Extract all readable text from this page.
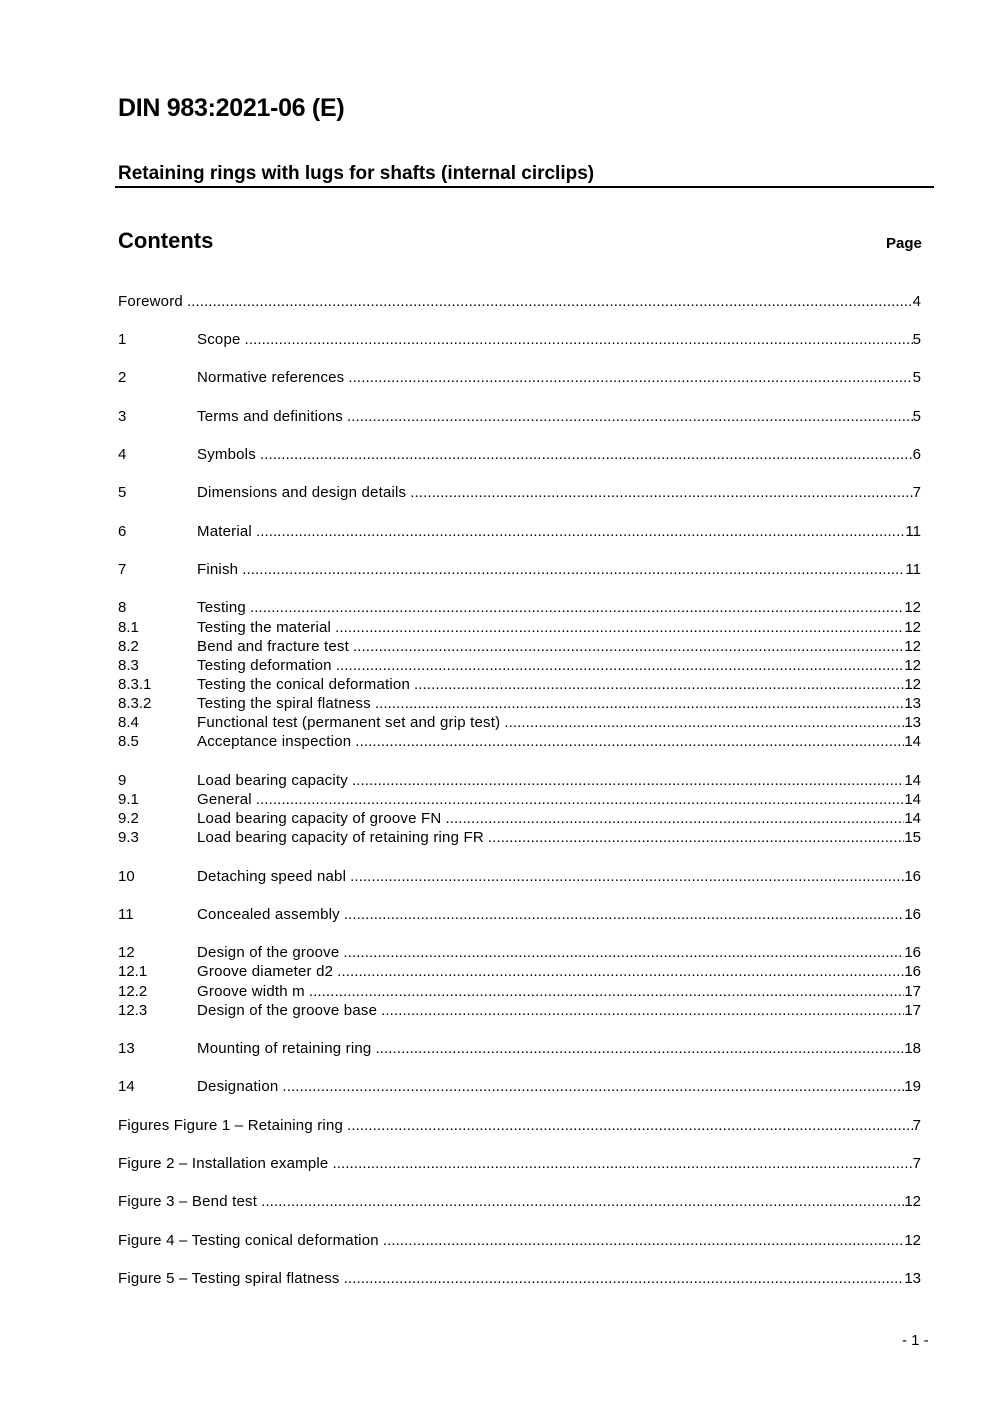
DIN 983:2021-06 (E)
Retaining rings with lugs for shafts (internal circlips)
Contents	Page
Foreword .....	4
1	Scope .....	5
2	Normative references .....	5
3	Terms and definitions .....	5
4	Symbols .....	6
5	Dimensions and design details .....	7
6	Material .....	11
7	Finish .....	11
8	Testing .....	12
8.1	Testing the material .....	12
8.2	Bend and fracture test .....	12
8.3	Testing deformation .....	12
8.3.1	Testing the conical deformation .....	12
8.3.2	Testing the spiral flatness .....	13
8.4	Functional test (permanent set and grip test) .....	13
8.5	Acceptance inspection .....	14
9	Load bearing capacity .....	14
9.1	General .....	14
9.2	Load bearing capacity of groove FN .....	14
9.3	Load bearing capacity of retaining ring FR .....	15
10	Detaching speed nabl .....	16
11	Concealed assembly .....	16
12	Design of the groove .....	16
12.1	Groove diameter d2 .....	16
12.2	Groove width m .....	17
12.3	Design of the groove base .....	17
13	Mounting of retaining ring .....	18
14	Designation .....	19
Figures Figure 1 – Retaining ring .....	7
Figure 2 – Installation example .....	7
Figure 3 – Bend test .....	12
Figure 4 – Testing conical deformation .....	12
Figure 5 – Testing spiral flatness .....	13
- 1 -
